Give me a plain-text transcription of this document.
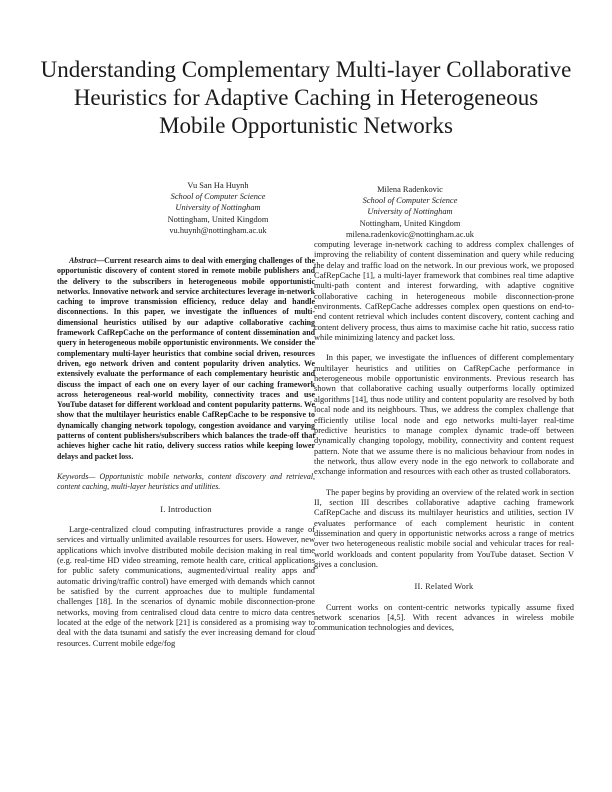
Understanding Complementary Multi-layer Collaborative Heuristics for Adaptive Caching in Heterogeneous Mobile Opportunistic Networks
Vu San Ha Huynh
School of Computer Science
University of Nottingham
Nottingham, United Kingdom
vu.huynh@nottingham.ac.uk
Milena Radenkovic
School of Computer Science
University of Nottingham
Nottingham, United Kingdom
milena.radenkovic@nottingham.ac.uk

Abstract—Current research aims to deal with emerging challenges of the opportunistic discovery of content stored in remote mobile publishers and the delivery to the subscribers in heterogeneous mobile opportunistic networks. Innovative network and service architectures leverage in-network caching to improve transmission efficiency, reduce delay and handle disconnections. In this paper, we investigate the influences of multi-dimensional heuristics utilised by our adaptive collaborative caching framework CafRepCache on the performance of content dissemination and query in heterogeneous mobile opportunistic environments. We consider the complementary multi-layer heuristics that combine social driven, resources driven, ego network driven and content popularity driven analytics. We extensively evaluate the performance of each complementary heuristic and discuss the impact of each one on every layer of our caching framework across heterogeneous real-world mobility, connectivity traces and use YouTube dataset for different workload and content popularity patterns. We show that the multilayer heuristics enable CafRepCache to be responsive to dynamically changing network topology, congestion avoidance and varying patterns of content publishers/subscribers which balances the trade-off that achieves higher cache hit ratio, delivery success ratios while keeping lower delays and packet loss.

Keywords— Opportunistic mobile networks, content discovery and retrieval, content caching, multi-layer heuristics and utilities.

I. Introduction

Large-centralized cloud computing infrastructures provide a range of services and virtually unlimited available resources for users. However, new applications which involve distributed mobile decision making in real time (e.g. real-time HD video streaming, remote health care, critical applications for public safety communications, augmented/virtual reality apps and automatic driving/traffic control) have emerged with demands which cannot be satisfied by the current approaches due to multiple fundamental challenges [18]. In the scenarios of dynamic mobile disconnection-prone networks, moving from centralised cloud data centre to micro data centres located at the edge of the network [21] is considered as a promising way to deal with the data tsunami and satisfy the ever increasing demand for cloud resources. Current mobile edge/fog

computing leverage in-network caching to address complex challenges of improving the reliability of content dissemination and query while reducing the delay and traffic load on the network. In our previous work, we proposed CafRepCache [1], a multi-layer framework that combines real time adaptive multi-path content and interest forwarding, with adaptive cognitive collaborative caching in heterogeneous mobile disconnection-prone environments. CafRepCache addresses complex open questions on end-to-end content retrieval which includes content discovery, content caching and content delivery process, thus aims to maximise cache hit ratio, success ratio while minimizing latency and packet loss.

In this paper, we investigate the influences of different complementary multilayer heuristics and utilities on CafRepCache performance in heterogeneous mobile opportunistic environments. Previous research has shown that collaborative caching usually outperforms locally optimized algorithms [14], thus node utility and content popularity are resolved by both local node and its neighbours. Thus, we address the complex challenge that efficiently utilise local node and ego networks multi-layer real-time predictive heuristics to manage complex dynamic trade-off between dynamically changing topology, mobility, connectivity and content request pattern. Note that we assume there is no malicious behaviour from nodes in the network, thus allow every node in the ego network to collaborate and exchange information and resources with each other as trusted collaborators.

The paper begins by providing an overview of the related work in section II, section III describes collaborative adaptive caching framework CafRepCache and discuss its multilayer heuristics and utilities, section IV evaluates performance of each complement heuristic in content dissemination and query in opportunistic networks across a range of metrics over two heterogeneous realistic mobile social and vehicular traces for real-world workloads and content popularity from YouTube dataset. Section V gives a conclusion.

II. Related Work

Current works on content-centric networks typically assume fixed network scenarios [4,5]. With recent advances in wireless mobile communication technologies and devices,
